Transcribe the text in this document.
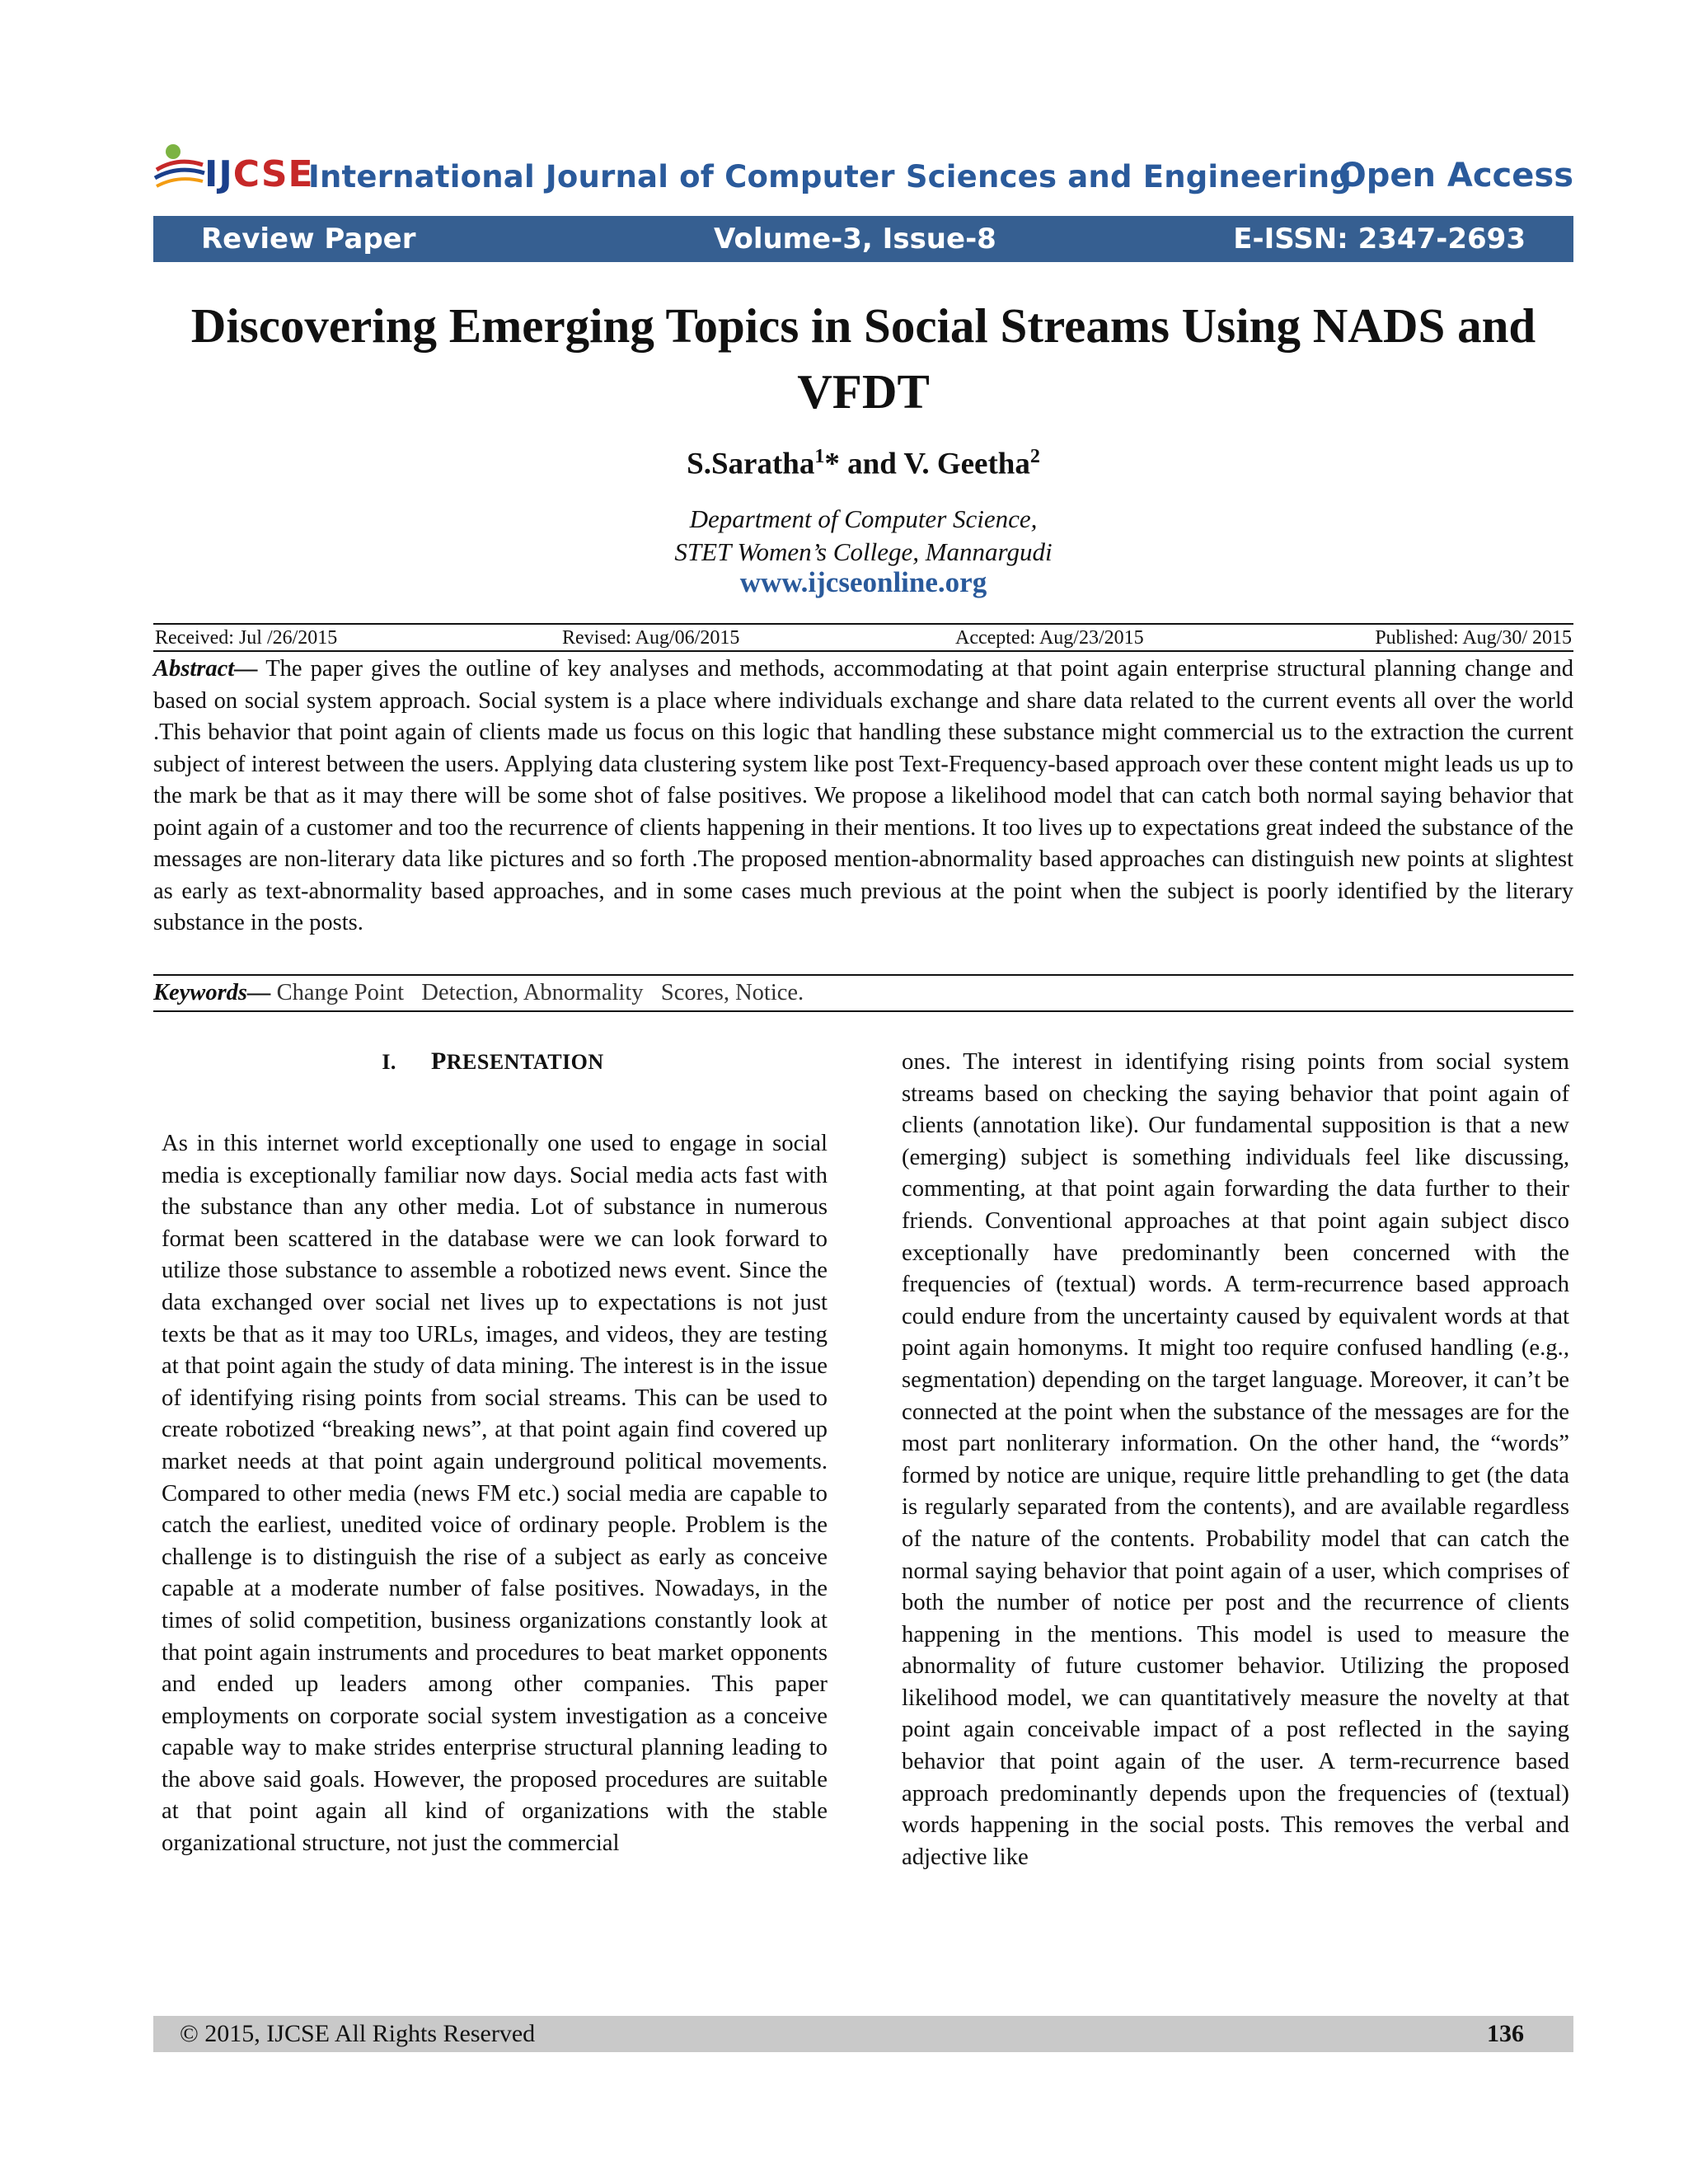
IJCSE
International Journal of Computer Sciences and Engineering
Open Access
Review Paper	Volume-3, Issue-8	E-ISSN: 2347-2693
Discovering Emerging Topics in Social Streams Using NADS and VFDT
S.Saratha$^1$* and V. Geetha$^2$
Department of Computer Science,
STET Women’s College, Mannargudi
www.ijcseonline.org
Received: Jul /26/2015	Revised: Aug/06/2015	Accepted: Aug/23/2015	Published: Aug/30/ 2015
Abstract— The paper gives the outline of key analyses and methods, accommodating at that point again enterprise structural planning change and based on social system approach. Social system is a place where individuals exchange and share data related to the current events all over the world .This behavior that point again of clients made us focus on this logic that handling these substance might commercial us to the extraction the current subject of interest between the users. Applying data clustering system like post Text-Frequency-based approach over these content might leads us up to the mark be that as it may there will be some shot of false positives. We propose a likelihood model that can catch both normal saying behavior that point again of a customer and too the recurrence of clients happening in their mentions. It too lives up to expectations great indeed the substance of the messages are non-literary data like pictures and so forth .The proposed mention-abnormality based approaches can distinguish new points at slightest as early as text-abnormality based approaches, and in some cases much previous at the point when the subject is poorly identified by the literary substance in the posts.
Keywords— Change Point   Detection, Abnormality   Scores, Notice.
I. PRESENTATION
As in this internet world exceptionally one used to engage in social media is exceptionally familiar now days. Social media acts fast with the substance than any other media. Lot of substance in numerous format been scattered in the database were we can look forward to utilize those substance to assemble a robotized news event. Since the data exchanged over social net lives up to expectations is not just texts be that as it may too URLs, images, and videos, they are testing at that point again the study of data mining. The interest is in the issue of identifying rising points from social streams. This can be used to create robotized “breaking news”, at that point again find covered up market needs at that point again underground political movements. Compared to other media (news FM etc.) social media are capable to catch the earliest, unedited voice of ordinary people. Problem is the challenge is to distinguish the rise of a subject as early as conceive capable at a moderate number of false positives. Nowadays, in the times of solid competition, business organizations constantly look at that point again instruments and procedures to beat market opponents and ended up leaders among other companies. This paper employments on corporate social system investigation as a conceive capable way to make strides enterprise structural planning leading to the above said goals. However, the proposed procedures are suitable at that point again all kind of organizations with the stable organizational structure, not just the commercial
ones. The interest in identifying rising points from social system streams based on checking the saying behavior that point again of clients (annotation like). Our fundamental supposition is that a new (emerging) subject is something individuals feel like discussing, commenting, at that point again forwarding the data further to their friends. Conventional approaches at that point again subject disco exceptionally have predominantly been concerned with the frequencies of (textual) words. A term-recurrence based approach could endure from the uncertainty caused by equivalent words at that point again homonyms. It might too require confused handling (e.g., segmentation) depending on the target language. Moreover, it can’t be connected at the point when the substance of the messages are for the most part nonliterary information. On the other hand, the “words” formed by notice are unique, require little prehandling to get (the data is regularly separated from the contents), and are available regardless of the nature of the contents. Probability model that can catch the normal saying behavior that point again of a user, which comprises of both the number of notice per post and the recurrence of clients happening in the mentions. This model is used to measure the abnormality of future customer behavior. Utilizing the proposed likelihood model, we can quantitatively measure the novelty at that point again conceivable impact of a post reflected in the saying behavior that point again of the user. A term-recurrence based approach predominantly depends upon the frequencies of (textual) words happening in the social posts. This removes the verbal and adjective like
© 2015, IJCSE All Rights Reserved	136
